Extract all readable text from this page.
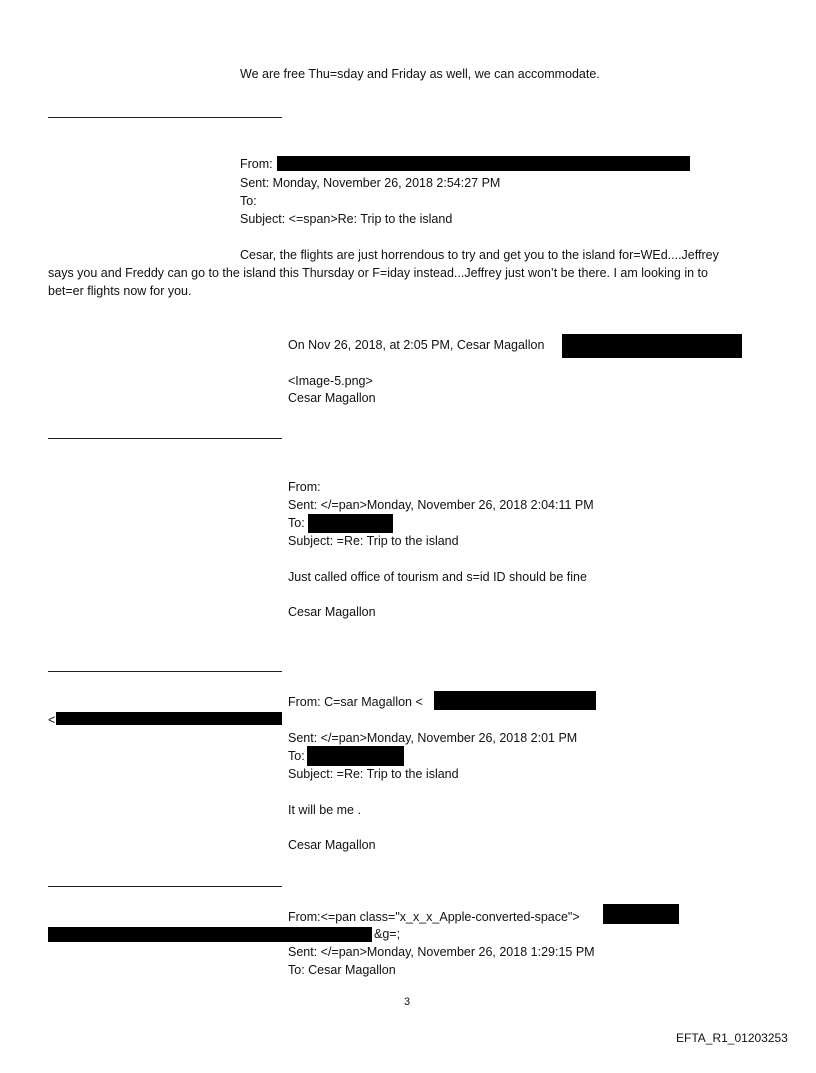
We are free Thu=sday and Friday as well, we can accommodate.
From:
Sent: Monday, November 26, 2018 2:54:27 PM
To:
Subject: <=span>Re: Trip to the island
Cesar, the flights are just horrendous to try and get you to the island for=WEd....Jeffrey
says you and Freddy can go to the island this Thursday or F=iday instead...Jeffrey just won’t be there. I am looking in to
bet=er flights now for you.
On Nov 26, 2018, at 2:05 PM, Cesar Magallon
<Image-5.png>
Cesar Magallon
From:
Sent: </=pan>Monday, November 26, 2018 2:04:11 PM
To:
Subject: =Re: Trip to the island
Just called office of tourism and s=id ID should be fine
Cesar Magallon
From: C=sar Magallon <
<
Sent: </=pan>Monday, November 26, 2018 2:01 PM
To:
Subject: =Re: Trip to the island
It will be me .
Cesar Magallon
From:<=pan class="x_x_x_Apple-converted-space">
&g=;
Sent: </=pan>Monday, November 26, 2018 1:29:15 PM
To: Cesar Magallon
3
EFTA_R1_01203253
